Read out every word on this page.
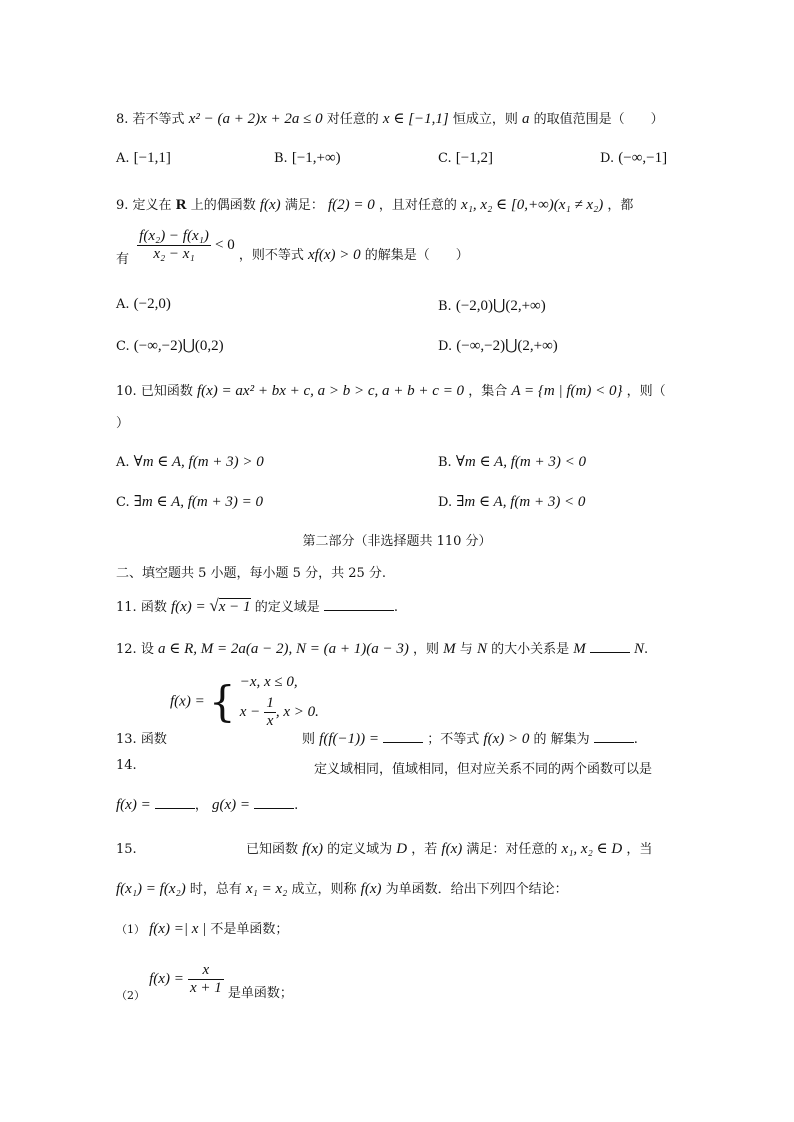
8. 若不等式 x² − (a + 2)x + 2a ≤ 0 对任意的 x ∈ [−1,1] 恒成立，则 a 的取值范围是（　　）
A. [−1,1]	B. [−1,+∞)	C. [−1,2]	D. (−∞,−1]
9. 定义在 R 上的偶函数 f(x) 满足： f(2) = 0 ，且对任意的 x₁, x₂ ∈ [0,+∞)(x₁ ≠ x₂) ，都
有 $\frac{\text{f(x₂) − f(x₁)}}{\text{x₂ − x₁}} < 0$ ，则不等式 xf(x) > 0 的解集是（　　）
A. (−2,0)	B. (−2,0)⋃(2,+∞)
C. (−∞,−2)⋃(0,2)	D. (−∞,−2)⋃(2,+∞)
10. 已知函数 f(x) = ax² + bx + c, a > b > c, a + b + c = 0 ，集合 A = {m | f(m) < 0} ，则（
）
A. ∀m ∈ A, f(m + 3) > 0	B. ∀m ∈ A, f(m + 3) < 0
C. ∃m ∈ A, f(m + 3) = 0	D. ∃m ∈ A, f(m + 3) < 0
第二部分（非选择题共 110 分）
二、填空题共 5 小题，每小题 5 分，共 25 分.
11. 函数 f(x) = √x − 1 的定义域是	.
12. 设 a ∈ R, M = 2a(a − 2), N = (a + 1)(a − 3) ，则 M 与 N 的大小关系是 M	N.
13. 函数
f(x) = { −x, x ≤ 0,
$x - \frac{1}{x}$ , x > 0.
则 f(f(−1)) =	；不等式 f(x) > 0 的 解集为	.
14.	定义域相同，值域相同，但对应关系不同的两个函数可以是
f(x) =	， g(x) =	.
15.	已知函数 f(x) 的定义域为 D ，若 f(x) 满足：对任意的 x₁, x₂ ∈ D ，当
f(x₁) = f(x₂) 时，总有 x₁ = x₂ 成立，则称 f(x) 为单函数．给出下列四个结论：
（1） f(x) =| x | 不是单函数；
$_{(2)}$ $f(x) = \frac{x}{x + 1}$ 是单函数；
